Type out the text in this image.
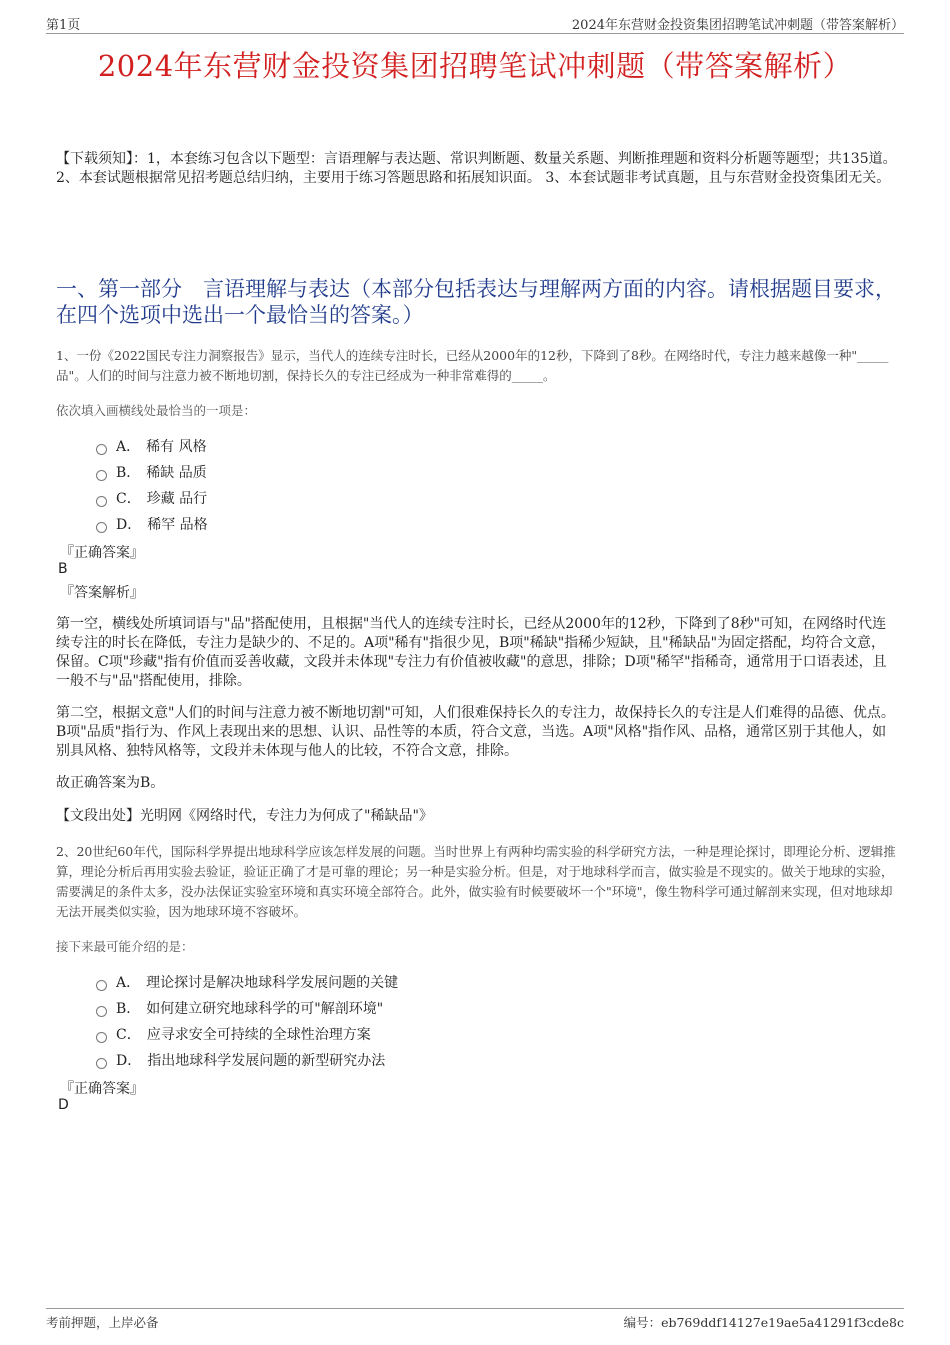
第1页	2024年东营财金投资集团招聘笔试冲刺题（带答案解析）
2024年东营财金投资集团招聘笔试冲刺题（带答案解析）
【下载须知】：1，本套练习包含以下题型：言语理解与表达题、常识判断题、数量关系题、判断推理题和资料分析题等题型；共135道。 2、本套试题根据常见招考题总结归纳，主要用于练习答题思路和拓展知识面。 3、本套试题非考试真题，且与东营财金投资集团无关。
一、第一部分　言语理解与表达（本部分包括表达与理解两方面的内容。请根据题目要求，在四个选项中选出一个最恰当的答案。）
1、一份《2022国民专注力洞察报告》显示，当代人的连续专注时长，已经从2000年的12秒，下降到了8秒。在网络时代，专注力越来越像一种"_____品"。人们的时间与注意力被不断地切割，保持长久的专注已经成为一种非常难得的_____。
依次填入画横线处最恰当的一项是：
A． 稀有 风格
B． 稀缺 品质
C． 珍藏 品行
D． 稀罕 品格
『正确答案』
B
『答案解析』
第一空，横线处所填词语与"品"搭配使用，且根据"当代人的连续专注时长，已经从2000年的12秒，下降到了8秒"可知，在网络时代连续专注的时长在降低，专注力是缺少的、不足的。A项"稀有"指很少见，B项"稀缺"指稀少短缺，且"稀缺品"为固定搭配，均符合文意，保留。C项"珍藏"指有价值而妥善收藏，文段并未体现"专注力有价值被收藏"的意思，排除；D项"稀罕"指稀奇，通常用于口语表述，且一般不与"品"搭配使用，排除。
第二空，根据文意"人们的时间与注意力被不断地切割"可知，人们很难保持长久的专注力，故保持长久的专注是人们难得的品德、优点。B项"品质"指行为、作风上表现出来的思想、认识、品性等的本质，符合文意，当选。A项"风格"指作风、品格，通常区别于其他人，如别具风格、独特风格等，文段并未体现与他人的比较，不符合文意，排除。
故正确答案为B。
【文段出处】光明网《网络时代，专注力为何成了"稀缺品"》
2、20世纪60年代，国际科学界提出地球科学应该怎样发展的问题。当时世界上有两种均需实验的科学研究方法，一种是理论探讨，即理论分析、逻辑推算，理论分析后再用实验去验证，验证正确了才是可靠的理论；另一种是实验分析。但是，对于地球科学而言，做实验是不现实的。做关于地球的实验，需要满足的条件太多，没办法保证实验室环境和真实环境全部符合。此外，做实验有时候要破坏一个"环境"，像生物科学可通过解剖来实现，但对地球却无法开展类似实验，因为地球环境不容破坏。
接下来最可能介绍的是：
A． 理论探讨是解决地球科学发展问题的关键
B． 如何建立研究地球科学的可"解剖环境"
C． 应寻求安全可持续的全球性治理方案
D． 指出地球科学发展问题的新型研究办法
『正确答案』
D
考前押题，上岸必备	编号：eb769ddf14127e19ae5a41291f3cde8c
